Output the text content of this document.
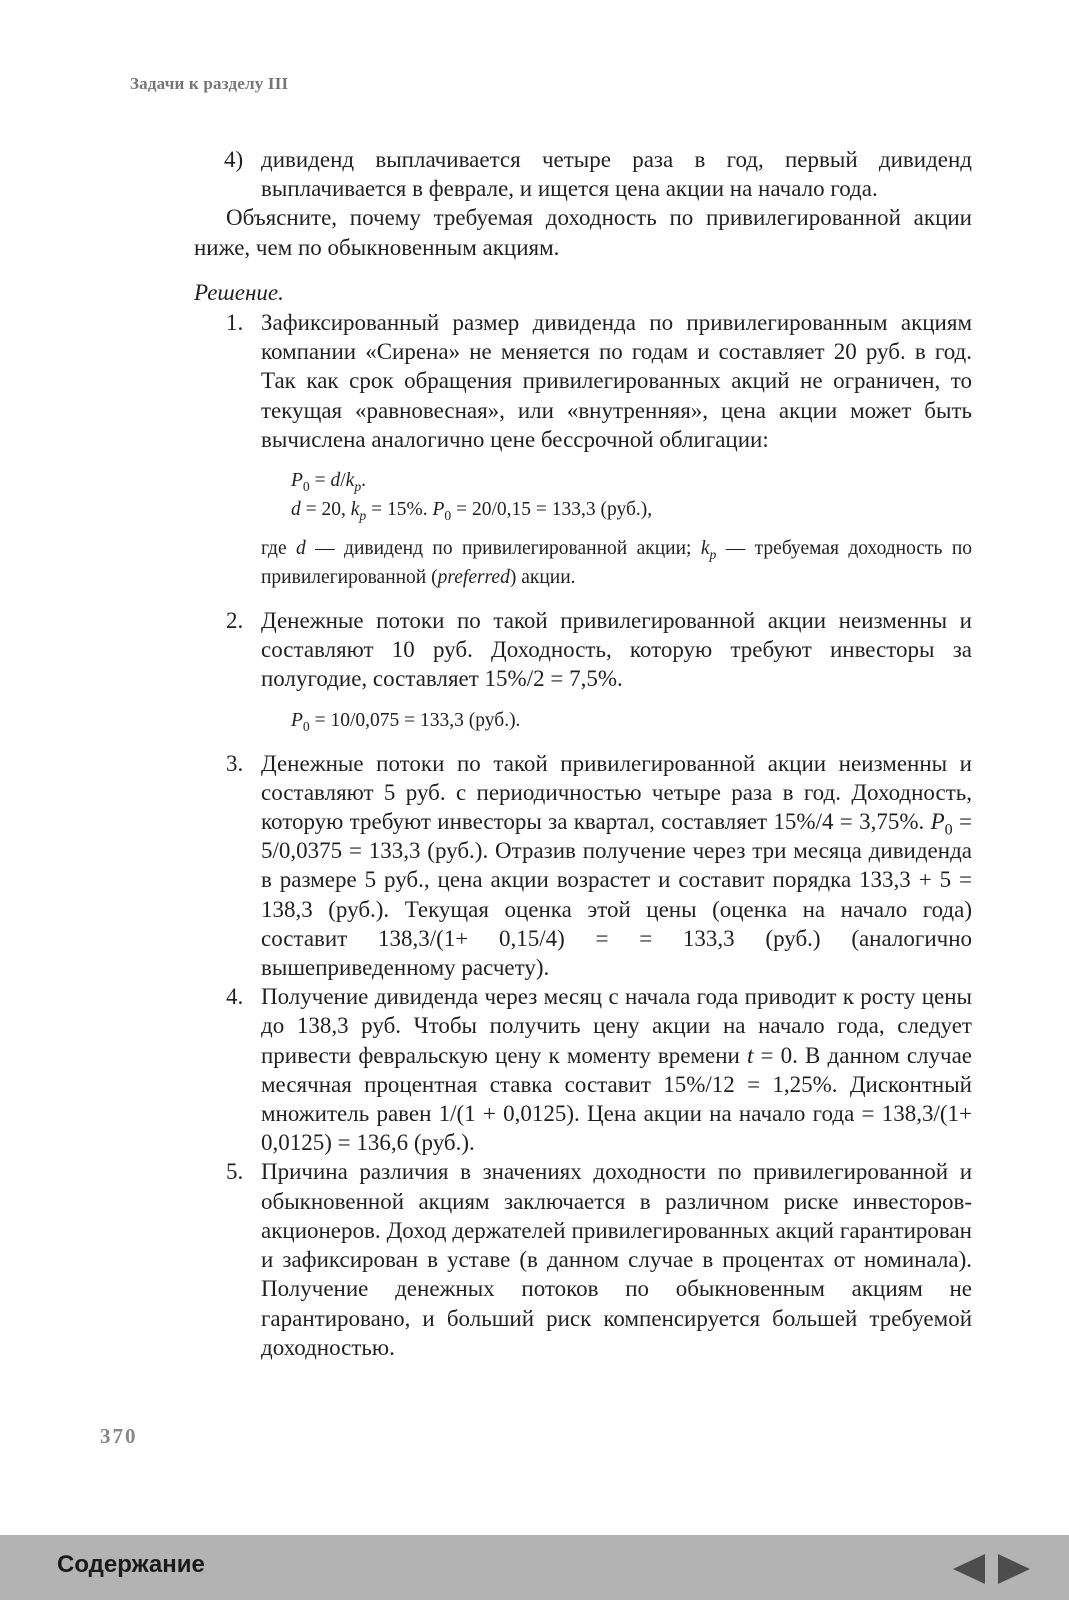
Задачи к разделу III

4) дивиденд выплачивается четыре раза в год, первый дивиденд выплачивается в феврале, и ищется цена акции на начало года.

Объясните, почему требуемая доходность по привилегированной акции ниже, чем по обыкновенным акциям.

Решение.

1. Зафиксированный размер дивиденда по привилегированным акциям компании «Сирена» не меняется по годам и составляет 20 руб. в год. Так как срок обращения привилегированных акций не ограничен, то текущая «равновесная», или «внутренняя», цена акции может быть вычислена аналогично цене бессрочной облигации:

$P_0 = d/k_p$.
d = 20, $k_p = 15\%$. $P_0 = 20/0,15 = 133,3$ (руб.),

где d — дивиденд по привилегированной акции; $k_p$ — требуемая доходность по привилегированной (preferred) акции.

2. Денежные потоки по такой привилегированной акции неизменны и составляют 10 руб. Доходность, которую требуют инвесторы за полугодие, составляет 15%/2 = 7,5%.

$P_0 = 10/0,075 = 133,3$ (руб.).

3. Денежные потоки по такой привилегированной акции неизменны и составляют 5 руб. с периодичностью четыре раза в год. Доходность, которую требуют инвесторы за квартал, составляет 15%/4 = 3,75%. $P_0 = 5/0,0375 = 133,3$ (руб.). Отразив получение через три месяца дивиденда в размере 5 руб., цена акции возрастет и составит порядка 133,3 + 5 = 138,3 (руб.). Текущая оценка этой цены (оценка на начало года) составит 138,3/(1+ 0,15/4) = = 133,3 (руб.) (аналогично вышеприведенному расчету).

4. Получение дивиденда через месяц с начала года приводит к росту цены до 138,3 руб. Чтобы получить цену акции на начало года, следует привести февральскую цену к моменту времени t = 0. В данном случае месячная процентная ставка составит 15%/12 = 1,25%. Дисконтный множитель равен 1/(1 + 0,0125). Цена акции на начало года = 138,3/(1+ 0,0125) = 136,6 (руб.).

5. Причина различия в значениях доходности по привилегированной и обыкновенной акциям заключается в различном риске инвесторов-акционеров. Доход держателей привилегированных акций гарантирован и зафиксирован в уставе (в данном случае в процентах от номинала). Получение денежных потоков по обыкновенным акциям не гарантировано, и больший риск компенсируется большей требуемой доходностью.

370
Содержание
